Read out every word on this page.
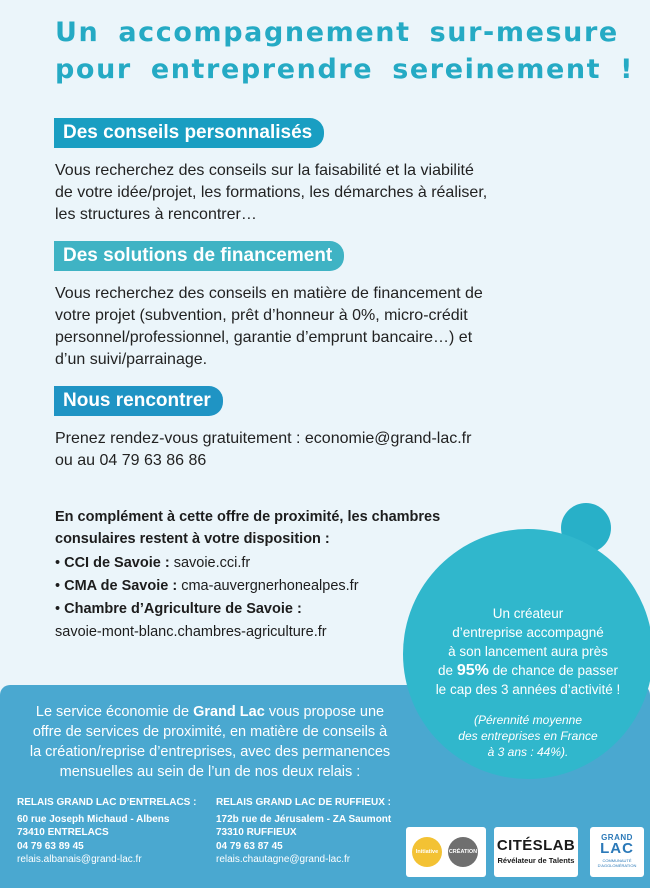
Un accompagnement sur-mesure
pour entreprendre sereinement !
Des conseils personnalisés
Vous recherchez des conseils sur la faisabilité et la viabilité
de votre idée/projet, les formations, les démarches à réaliser,
les structures à rencontrer…
Des solutions de financement
Vous recherchez des conseils en matière de financement de
votre projet (subvention, prêt d’honneur à 0%, micro-crédit
personnel/professionnel, garantie d’emprunt bancaire…) et
d’un suivi/parrainage.
Nous rencontrer
Prenez rendez-vous gratuitement : economie@grand-lac.fr
ou au 04 79 63 86 86
En complément à cette offre de proximité, les chambres
consulaires restent à votre disposition :
• CCI de Savoie : savoie.cci.fr
• CMA de Savoie : cma-auvergnerhonealpes.fr
• Chambre d’Agriculture de Savoie :
savoie-mont-blanc.chambres-agriculture.fr
Le service économie de Grand Lac vous propose une
offre de services de proximité, en matière de conseils à
la création/reprise d’entreprises, avec des permanences
mensuelles au sein de l’un de nos deux relais :
Un créateur
d’entreprise accompagné
à son lancement aura près
de 95% de chance de passer
le cap des 3 années d’activité !
(Pérennité moyenne
des entreprises en France
à 3 ans : 44%).
RELAIS GRAND LAC D’ENTRELACS :
60 rue Joseph Michaud - Albens
73410 ENTRELACS
04 79 63 89 45
relais.albanais@grand-lac.fr
RELAIS GRAND LAC DE RUFFIEUX :
172b rue de Jérusalem - ZA Saumont
73310 RUFFIEUX
04 79 63 87 45
relais.chautagne@grand-lac.fr
Initiative	CRÉATION CITÉSLAB
Révélateur de Talents
GRAND
LAC
COMMUNAUTÉ D'AGGLOMÉRATION
